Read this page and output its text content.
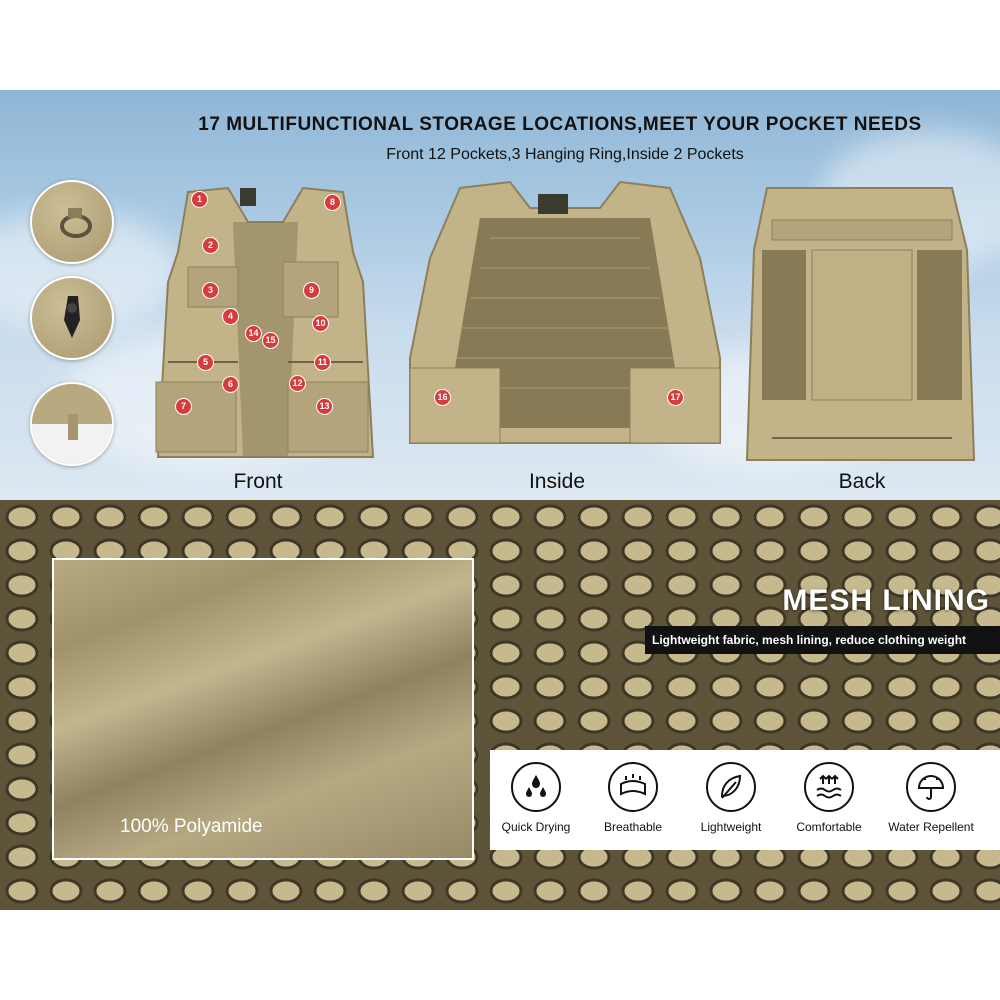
17 MULTIFUNCTIONAL STORAGE LOCATIONS,MEET YOUR POCKET NEEDS
Front 12 Pockets,3 Hanging Ring,Inside 2 Pockets
1
2
3
4
5
6
7
8
9
10
11
12
13
14
15
16	17
Front	Inside	Back
100% Polyamide
MESH LINING
Lightweight fabric, mesh lining, reduce clothing weight
Quick Drying	Breathable	Lightweight	Comfortable	Water Repellent
